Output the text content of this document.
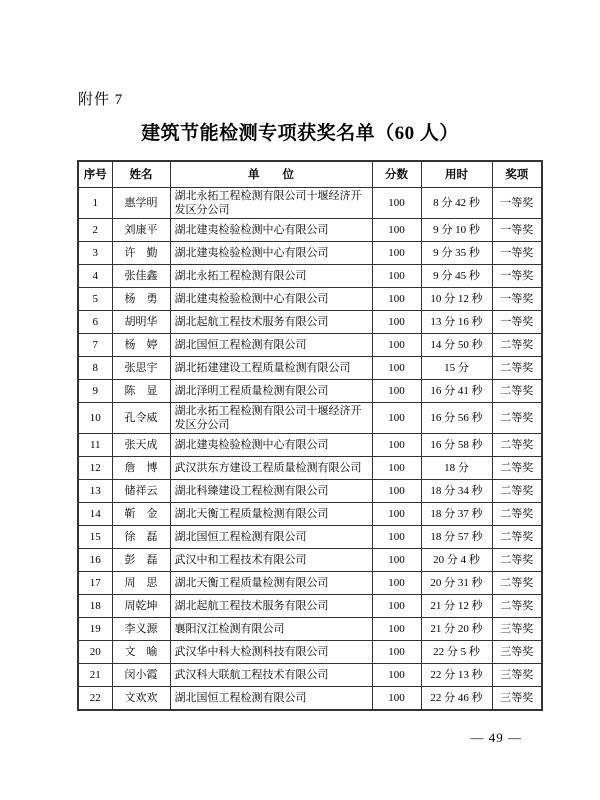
附件 7
建筑节能检测专项获奖名单（60 人）
序号	姓名	单　　位	分数	用时	奖项
1	惠学明	湖北永拓工程检测有限公司十堰经济开发区分公司	100	8 分 42 秒	一等奖
2	刘康平	湖北建夷检验检测中心有限公司	100	9 分 10 秒	一等奖
3	许　勤	湖北建夷检验检测中心有限公司	100	9 分 35 秒	一等奖
4	张佳鑫	湖北永拓工程检测有限公司	100	9 分 45 秒	一等奖
5	杨　勇	湖北建夷检验检测中心有限公司	100	10 分 12 秒	一等奖
6	胡明华	湖北起航工程技术服务有限公司	100	13 分 16 秒	一等奖
7	杨　婷	湖北国恒工程检测有限公司	100	14 分 50 秒	二等奖
8	张思宇	湖北拓建建设工程质量检测有限公司	100	15 分	二等奖
9	陈　显	湖北泽明工程质量检测有限公司	100	16 分 41 秒	二等奖
10	孔令威	湖北永拓工程检测有限公司十堰经济开发区分公司	100	16 分 56 秒	二等奖
11	张天成	湖北建夷检验检测中心有限公司	100	16 分 58 秒	二等奖
12	詹　博	武汉洪东方建设工程质量检测有限公司	100	18 分	二等奖
13	储祥云	湖北科臻建设工程检测有限公司	100	18 分 34 秒	二等奖
14	靳　金	湖北天衡工程质量检测有限公司	100	18 分 37 秒	二等奖
15	徐　磊	湖北国恒工程检测有限公司	100	18 分 57 秒	二等奖
16	彭　磊	武汉中和工程技术有限公司	100	20 分 4 秒	二等奖
17	周　思	湖北天衡工程质量检测有限公司	100	20 分 31 秒	二等奖
18	周乾坤	湖北起航工程技术服务有限公司	100	21 分 12 秒	二等奖
19	李义源	襄阳汉江检测有限公司	100	21 分 20 秒	三等奖
20	文　喻	武汉华中科大检测科技有限公司	100	22 分 5 秒	三等奖
21	闵小霞	武汉科大联航工程技术有限公司	100	22 分 13 秒	三等奖
22	文欢欢	湖北国恒工程检测有限公司	100	22 分 46 秒	三等奖
— 49 —
